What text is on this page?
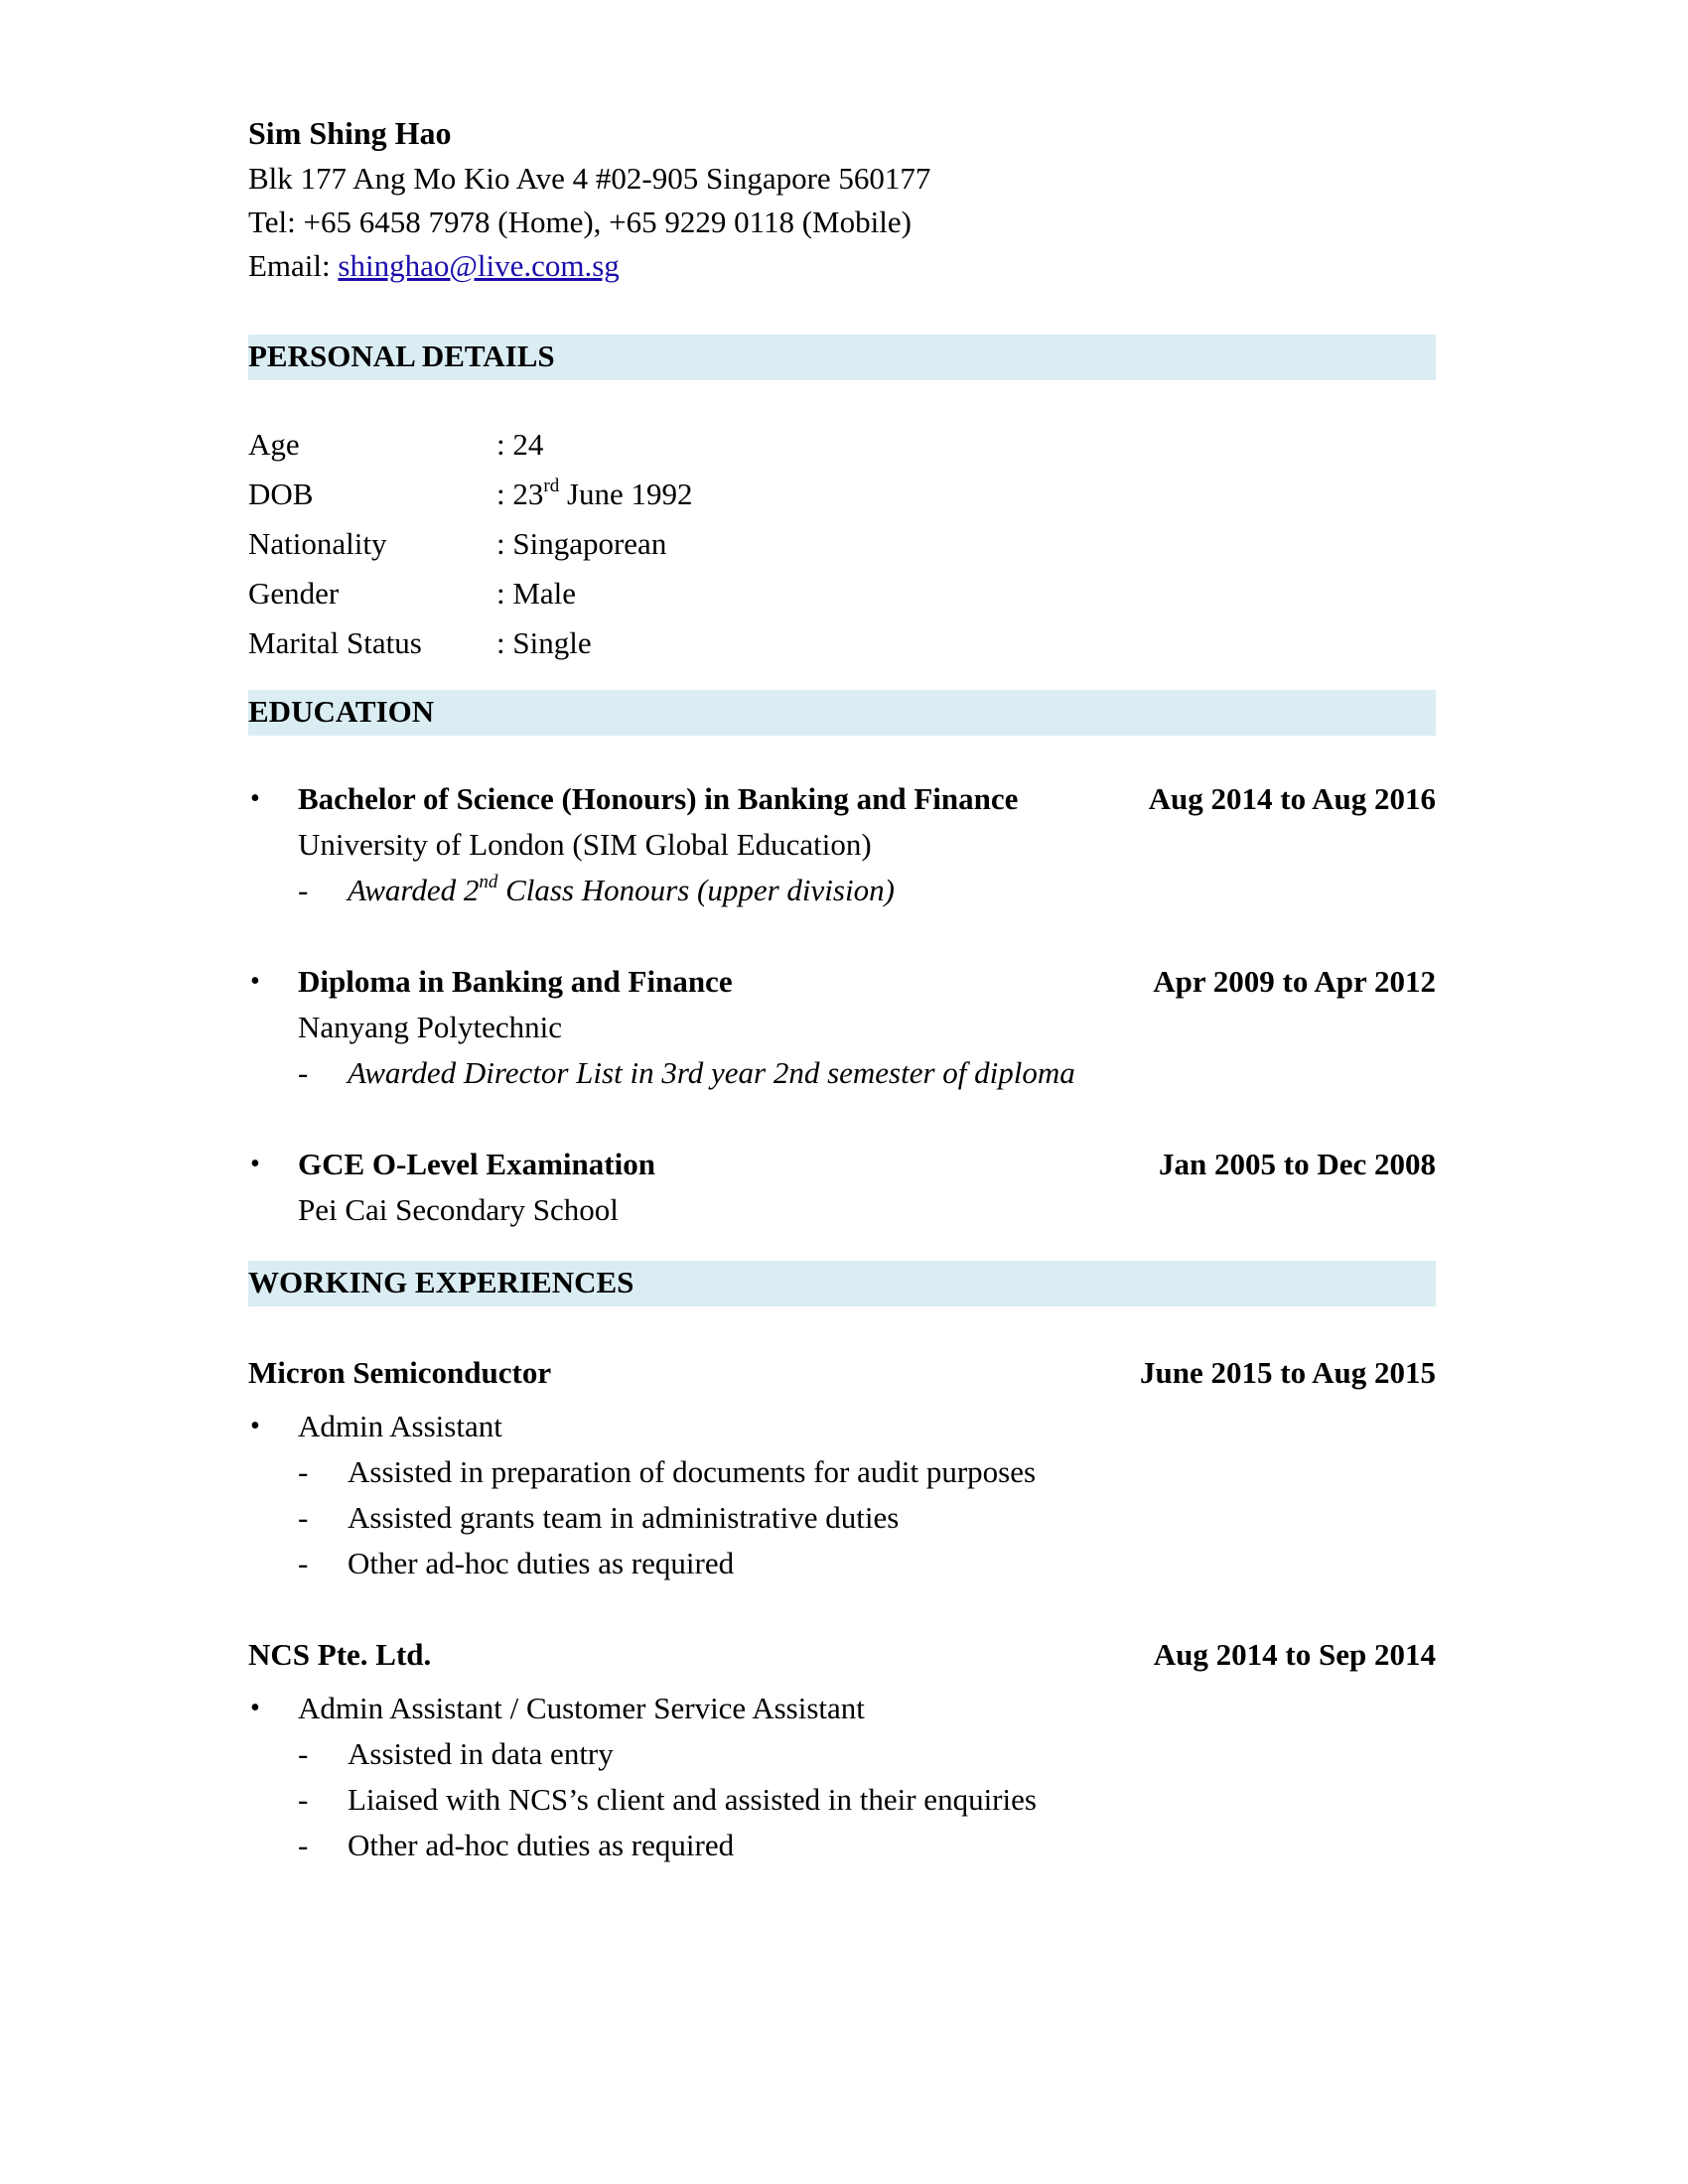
Sim Shing Hao
Blk 177 Ang Mo Kio Ave 4 #02-905 Singapore 560177
Tel: +65 6458 7978 (Home), +65 9229 0118 (Mobile)
Email: shinghao@live.com.sg
PERSONAL DETAILS
Age	: 24
DOB	: 23rd June 1992
Nationality	: Singaporean
Gender	: Male
Marital Status	: Single
EDUCATION
•	Bachelor of Science (Honours) in Banking and Finance	Aug 2014 to Aug 2016
University of London (SIM Global Education)
-	Awarded 2nd Class Honours (upper division)
•	Diploma in Banking and Finance	Apr 2009 to Apr 2012
Nanyang Polytechnic
-	Awarded Director List in 3rd year 2nd semester of diploma
•	GCE O-Level Examination	Jan 2005 to Dec 2008
Pei Cai Secondary School
WORKING EXPERIENCES
Micron Semiconductor	June 2015 to Aug 2015
•	Admin Assistant
-	Assisted in preparation of documents for audit purposes
-	Assisted grants team in administrative duties
-	Other ad-hoc duties as required
NCS Pte. Ltd.	Aug 2014 to Sep 2014
•	Admin Assistant / Customer Service Assistant
-	Assisted in data entry
-	Liaised with NCS’s client and assisted in their enquiries
-	Other ad-hoc duties as required
